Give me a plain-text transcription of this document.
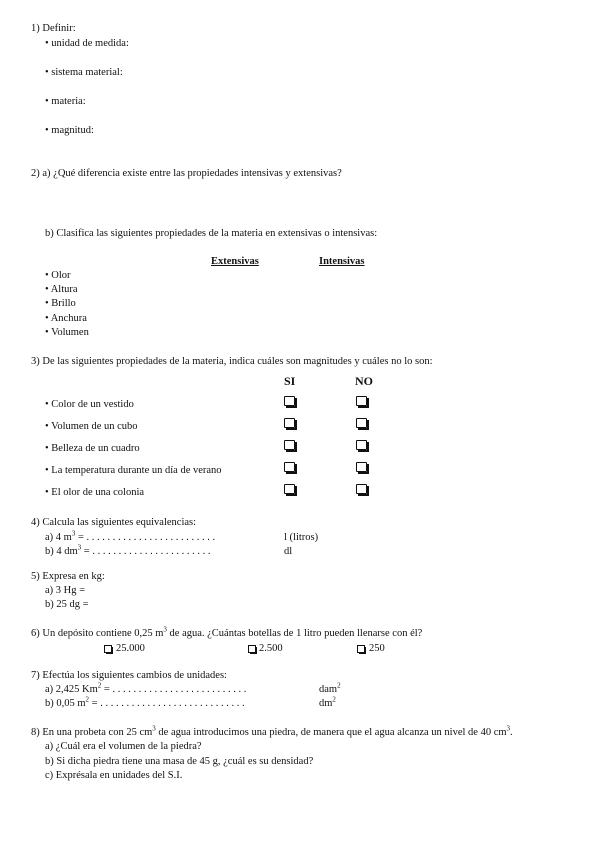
1) Definir:
• unidad de medida:
• sistema material:
• materia:
• magnitud:
2) a) ¿Qué diferencia existe entre las propiedades intensivas y extensivas?
b) Clasifica las siguientes propiedades de la materia en extensivas o intensivas:
Extensivas	Intensivas
• Olor
• Altura
• Brillo
• Anchura
• Volumen
3) De las siguientes propiedades de la materia, indica cuáles son magnitudes y cuáles no lo son:
SI	NO
• Color de un vestido
• Volumen de un cubo
• Belleza de un cuadro
• La temperatura durante un día de verano
• El olor de una colonia
4) Calcula las siguientes equivalencias:
a) 4 $m^3$ = . . . . . . . . . . . . . . . . . . . . . . . . .	l (litros)
b) 4 $dm^3$ = . . . . . . . . . . . . . . . . . . . . . . .	dl
5) Expresa en kg:
a) 3 Hg =
b) 25 dg =
6) Un depósito contiene 0,25 $m^3$ de agua. ¿Cuántas botellas de 1 litro pueden llenarse con él?
25.000	2.500	250
7) Efectúa los siguientes cambios de unidades:
a) 2,425 $Km^2$ = . . . . . . . . . . . . . . . . . . . . . . . . . .	dam$^2$
b) 0,05 $m^2$ = . . . . . . . . . . . . . . . . . . . . . . . . . . . .	$dm^2$
8) En una probeta con 25 $cm^3$ de agua introducimos una piedra, de manera que el agua alcanza un nivel de 40 $cm^3$.
a) ¿Cuál era el volumen de la piedra?
b) Si dicha piedra tiene una masa de 45 g, ¿cuál es su densidad?
c) Exprésala en unidades del S.I.
